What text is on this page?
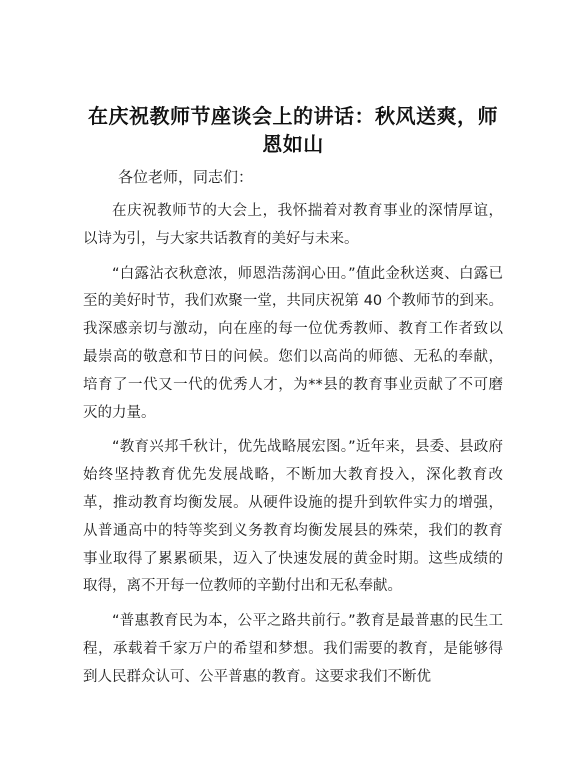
在庆祝教师节座谈会上的讲话：秋风送爽，师恩如山

各位老师，同志们：

在庆祝教师节的大会上，我怀揣着对教育事业的深情厚谊，以诗为引，与大家共话教育的美好与未来。

“白露沾衣秋意浓，师恩浩荡润心田。”值此金秋送爽、白露已至的美好时节，我们欢聚一堂，共同庆祝第 40 个教师节的到来。我深感亲切与激动，向在座的每一位优秀教师、教育工作者致以最崇高的敬意和节日的问候。您们以高尚的师德、无私的奉献，培育了一代又一代的优秀人才，为**县的教育事业贡献了不可磨灭的力量。

“教育兴邦千秋计，优先战略展宏图。”近年来，县委、县政府始终坚持教育优先发展战略，不断加大教育投入，深化教育改革，推动教育均衡发展。从硬件设施的提升到软件实力的增强，从普通高中的特等奖到义务教育均衡发展县的殊荣，我们的教育事业取得了累累硕果，迈入了快速发展的黄金时期。这些成绩的取得，离不开每一位教师的辛勤付出和无私奉献。

“普惠教育民为本，公平之路共前行。”教育是最普惠的民生工程，承载着千家万户的希望和梦想。我们需要的教育，是能够得到人民群众认可、公平普惠的教育。这要求我们不断优
